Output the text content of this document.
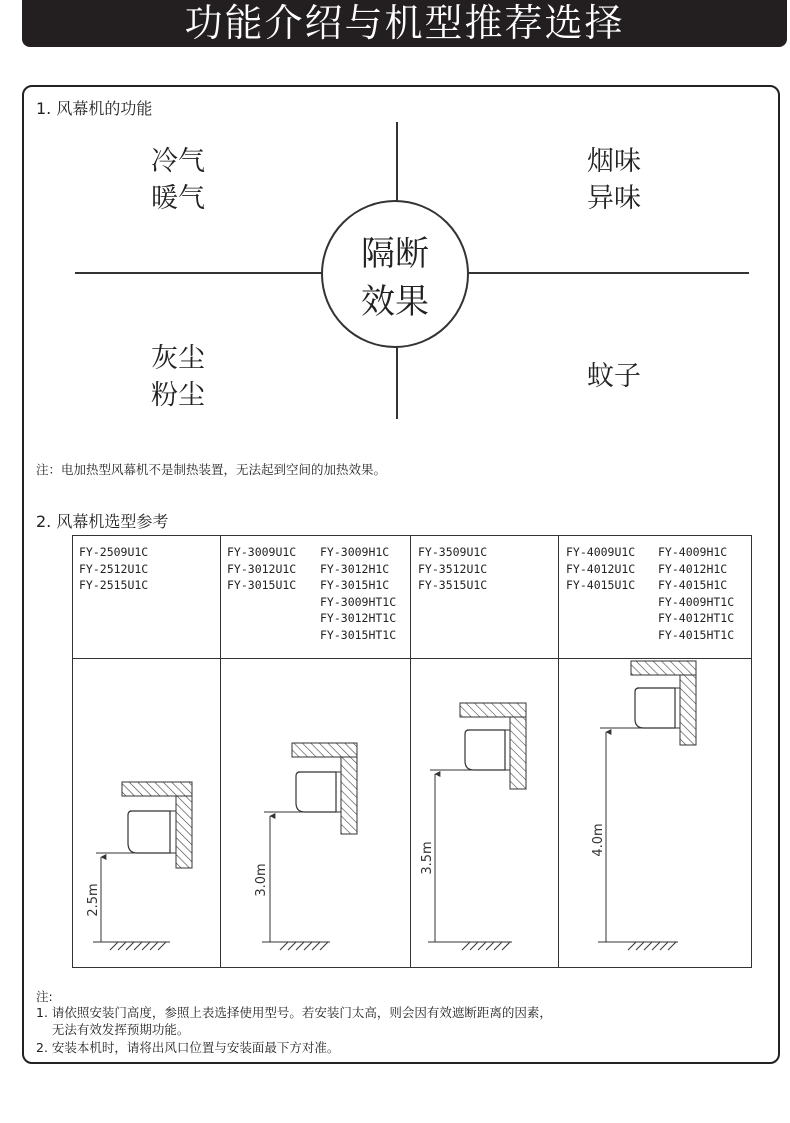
功能介绍与机型推荐选择
1. 风幕机的功能
隔断
效果
冷气
暖气
烟味
异味
灰尘
粉尘
蚊子
注：电加热型风幕机不是制热装置，无法起到空间的加热效果。
2. 风幕机选型参考
FY-2509U1C
FY-2512U1C
FY-2515U1C
FY-3009U1C
FY-3012U1C
FY-3015U1C
FY-3009H1C
FY-3012H1C
FY-3015H1C
FY-3009HT1C
FY-3012HT1C
FY-3015HT1C
FY-3509U1C
FY-3512U1C
FY-3515U1C
FY-4009U1C
FY-4012U1C
FY-4015U1C
FY-4009H1C
FY-4012H1C
FY-4015H1C
FY-4009HT1C
FY-4012HT1C
FY-4015HT1C
2.5m
3.0m
3.5m
4.0m
注:
1. 请依照安装门高度，参照上表选择使用型号。若安装门太高，则会因有效遮断距离的因素，
无法有效发挥预期功能。
2. 安装本机时，请将出风口位置与安装面最下方对准。
